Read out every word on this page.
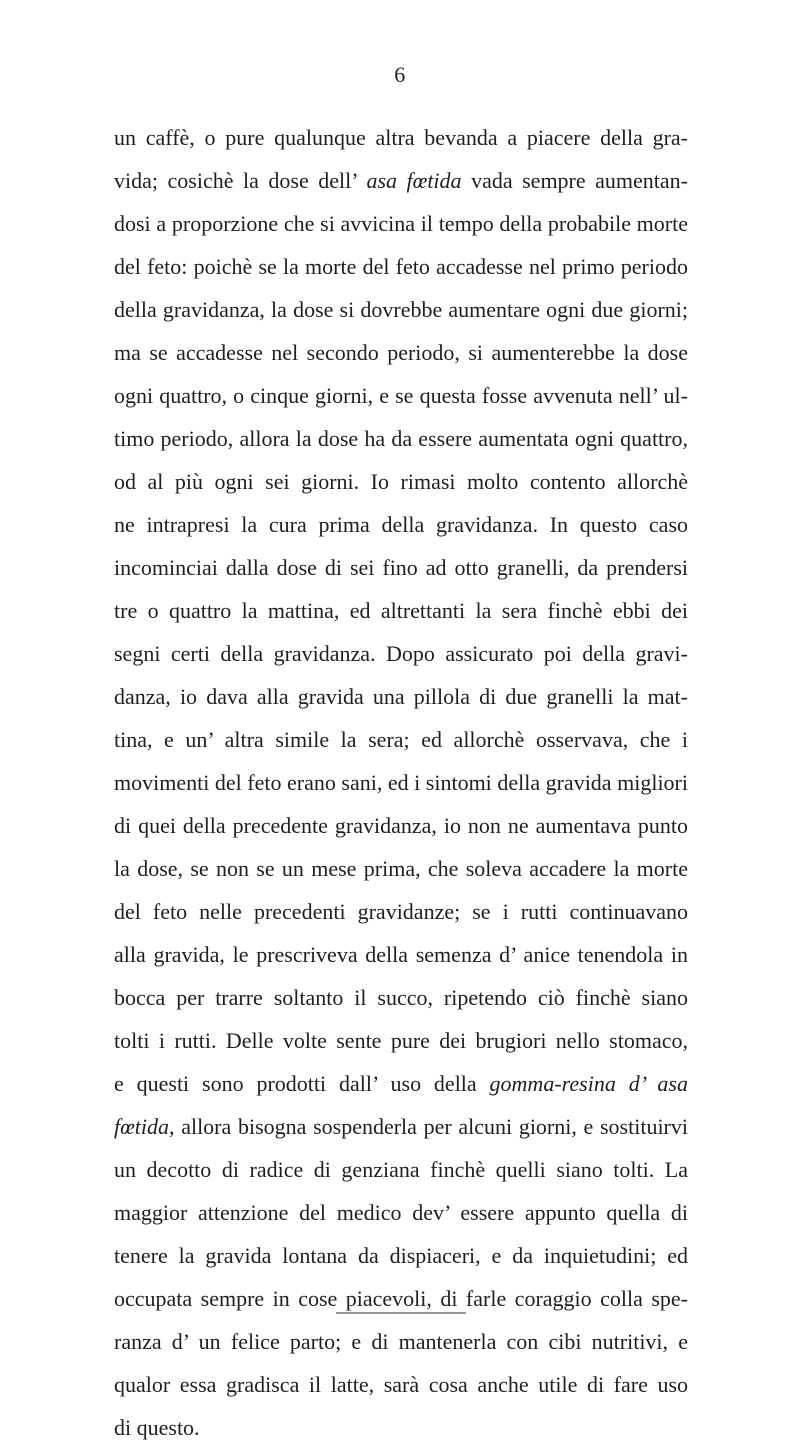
6
un caffè, o pure qualunque altra bevanda a piacere della gra-
vida; cosichè la dose dell’ asa fœtida vada sempre aumentan-
dosi a proporzione che si avvicina il tempo della probabile morte
del feto: poichè se la morte del feto accadesse nel primo periodo
della gravidanza, la dose si dovrebbe aumentare ogni due giorni;
ma se accadesse nel secondo periodo, si aumenterebbe la dose
ogni quattro, o cinque giorni, e se questa fosse avvenuta nell’ ul-
timo periodo, allora la dose ha da essere aumentata ogni quattro,
od al più ogni sei giorni. Io rimasi molto contento allorchè
ne intrapresi la cura prima della gravidanza. In questo caso
incominciai dalla dose di sei fino ad otto granelli, da prendersi
tre o quattro la mattina, ed altrettanti la sera finchè ebbi dei
segni certi della gravidanza. Dopo assicurato poi della gravi-
danza, io dava alla gravida una pillola di due granelli la mat-
tina, e un’ altra simile la sera; ed allorchè osservava, che i
movimenti del feto erano sani, ed i sintomi della gravida migliori
di quei della precedente gravidanza, io non ne aumentava punto
la dose, se non se un mese prima, che soleva accadere la morte
del feto nelle precedenti gravidanze; se i rutti continuavano
alla gravida, le prescriveva della semenza d’ anice tenendola in
bocca per trarre soltanto il succo, ripetendo ciò finchè siano
tolti i rutti. Delle volte sente pure dei brugiori nello stomaco,
e questi sono prodotti dall’ uso della gomma-resina d’ asa
fœtida, allora bisogna sospenderla per alcuni giorni, e sostituirvi
un decotto di radice di genziana finchè quelli siano tolti. La
maggior attenzione del medico dev’ essere appunto quella di
tenere la gravida lontana da dispiaceri, e da inquietudini; ed
occupata sempre in cose piacevoli, di farle coraggio colla spe-
ranza d’ un felice parto; e di mantenerla con cibi nutritivi, e
qualor essa gradisca il latte, sarà cosa anche utile di fare uso
di questo.
